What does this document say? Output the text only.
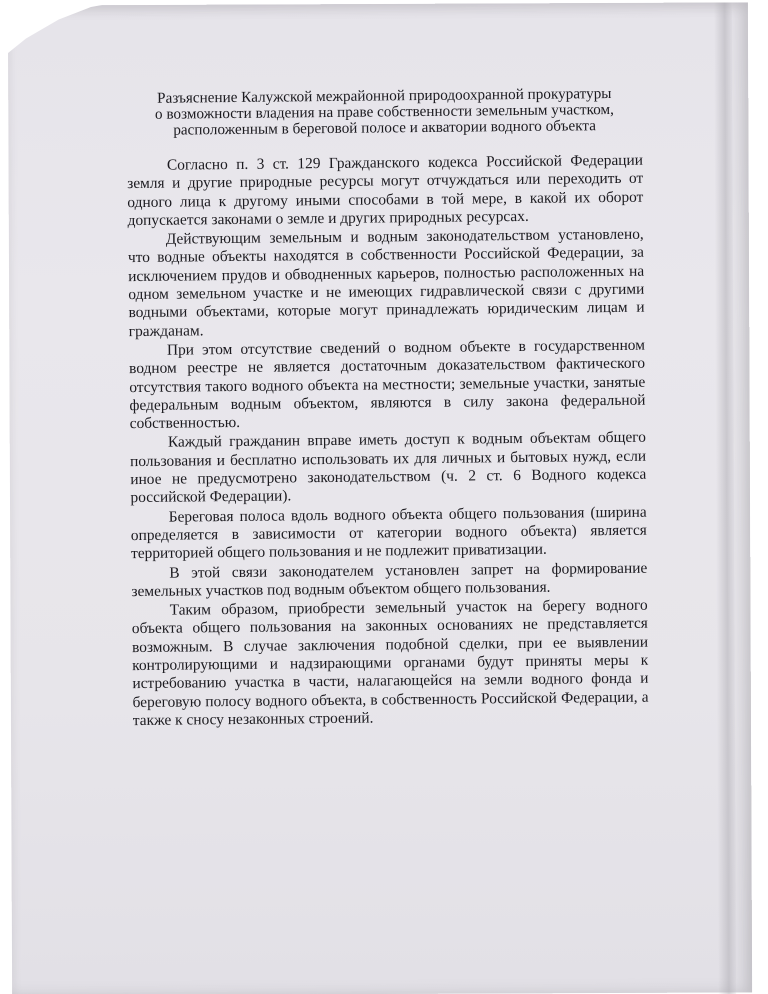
Разъяснение Калужской межрайонной природоохранной прокуратуры
о возможности владения на праве собственности земельным участком,
расположенным в береговой полосе и акватории водного объекта

Согласно п. 3 ст. 129 Гражданского кодекса Российской Федерации земля и другие природные ресурсы могут отчуждаться или переходить от одного лица к другому иными способами в той мере, в какой их оборот допускается законами о земле и других природных ресурсах.

Действующим земельным и водным законодательством установлено, что водные объекты находятся в собственности Российской Федерации, за исключением прудов и обводненных карьеров, полностью расположенных на одном земельном участке и не имеющих гидравлической связи с другими водными объектами, которые могут принадлежать юридическим лицам и гражданам.

При этом отсутствие сведений о водном объекте в государственном водном реестре не является достаточным доказательством фактического отсутствия такого водного объекта на местности; земельные участки, занятые федеральным водным объектом, являются в силу закона федеральной собственностью.

Каждый гражданин вправе иметь доступ к водным объектам общего пользования и бесплатно использовать их для личных и бытовых нужд, если иное не предусмотрено законодательством (ч. 2 ст. 6 Водного кодекса российской Федерации).

Береговая полоса вдоль водного объекта общего пользования (ширина определяется в зависимости от категории водного объекта) является территорией общего пользования и не подлежит приватизации.

В этой связи законодателем установлен запрет на формирование земельных участков под водным объектом общего пользования.

Таким образом, приобрести земельный участок на берегу водного объекта общего пользования на законных основаниях не представляется возможным. В случае заключения подобной сделки, при ее выявлении контролирующими и надзирающими органами будут приняты меры к истребованию участка в части, налагающейся на земли водного фонда и береговую полосу водного объекта, в собственность Российской Федерации, а также к сносу незаконных строений.
